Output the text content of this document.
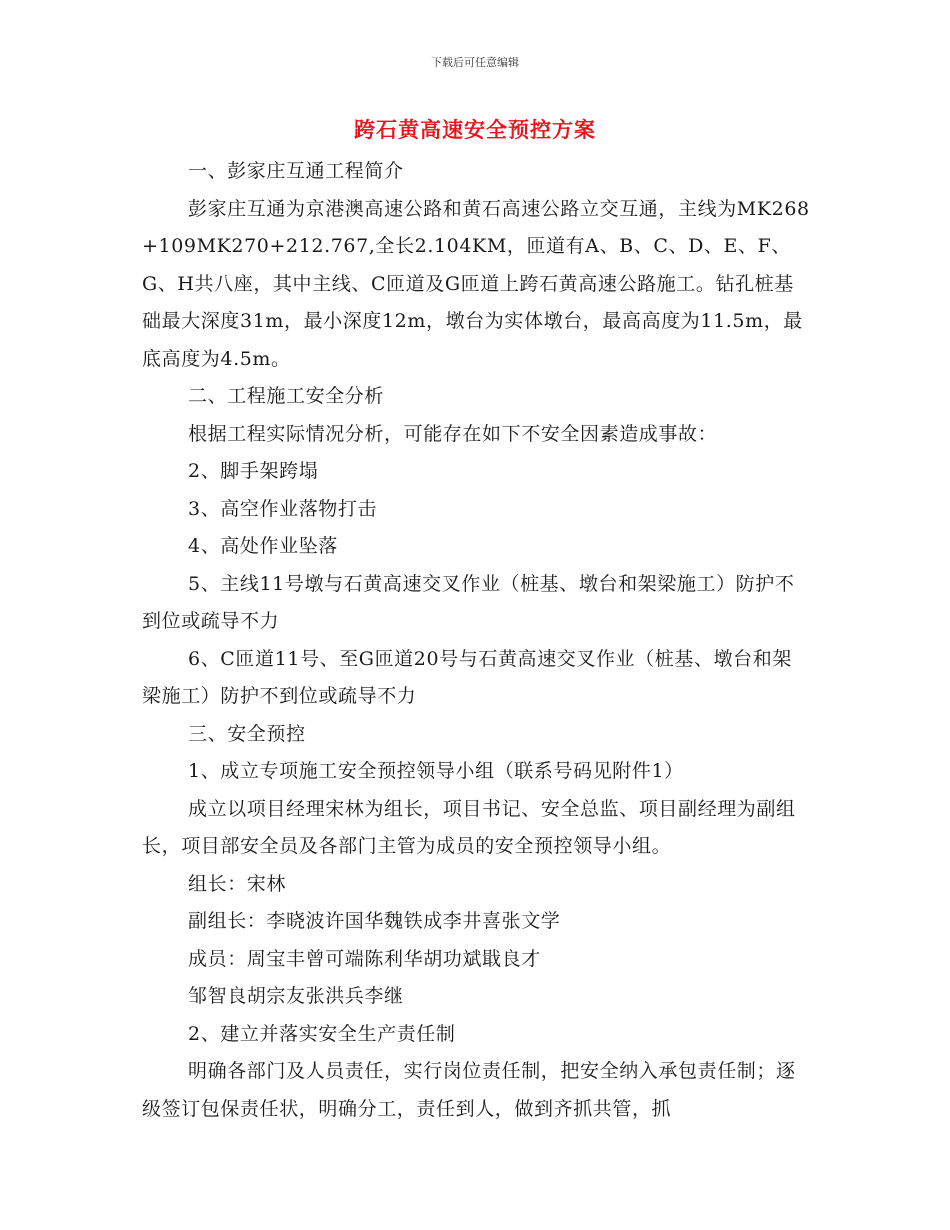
下载后可任意编辑
跨石黄高速安全预控方案

一、彭家庄互通工程简介

彭家庄互通为京港澳高速公路和黄石高速公路立交互通，主线为MK268+109MK270+212.767,全长2.104KM，匝道有A、B、C、D、E、F、G、H共八座，其中主线、C匝道及G匝道上跨石黄高速公路施工。钻孔桩基础最大深度31m，最小深度12m，墩台为实体墩台，最高高度为11.5m，最底高度为4.5m。

二、工程施工安全分析

根据工程实际情况分析，可能存在如下不安全因素造成事故：

2、脚手架跨塌

3、高空作业落物打击

4、高处作业坠落

5、主线11号墩与石黄高速交叉作业（桩基、墩台和架梁施工）防护不到位或疏导不力

6、C匝道11号、至G匝道20号与石黄高速交叉作业（桩基、墩台和架梁施工）防护不到位或疏导不力

三、安全预控

1、成立专项施工安全预控领导小组（联系号码见附件1）

成立以项目经理宋林为组长，项目书记、安全总监、项目副经理为副组长，项目部安全员及各部门主管为成员的安全预控领导小组。

组长：宋林

副组长：李晓波许国华魏铁成李井喜张文学

成员：周宝丰曾可端陈利华胡功斌戢良才

邹智良胡宗友张洪兵李继

2、建立并落实安全生产责任制

明确各部门及人员责任，实行岗位责任制，把安全纳入承包责任制；逐级签订包保责任状，明确分工，责任到人，做到齐抓共管，抓
